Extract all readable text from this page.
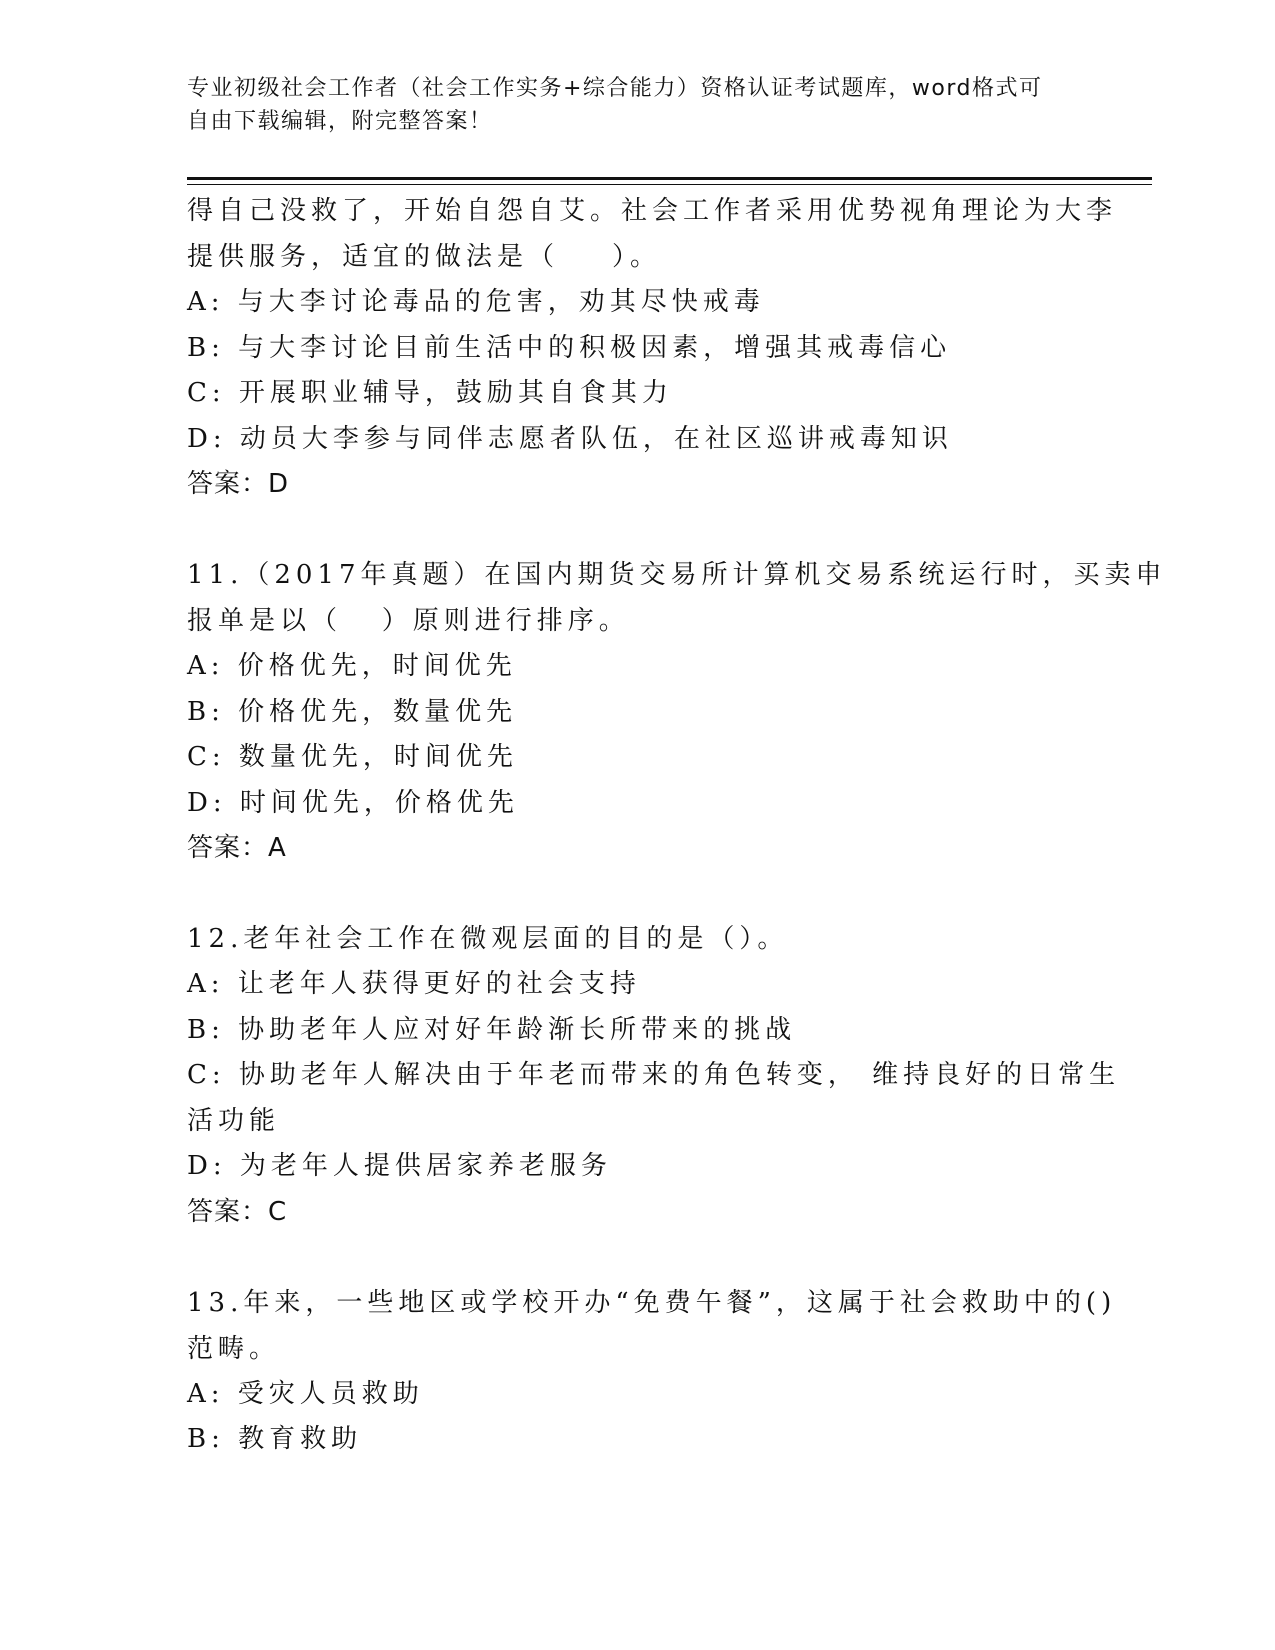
专业初级社会工作者（社会工作实务+综合能力）资格认证考试题库，word格式可
自由下载编辑，附完整答案！
得自己没救了，开始自怨自艾。社会工作者采用优势视角理论为大李
提供服务，适宜的做法是（    ）。
A: 与大李讨论毒品的危害，劝其尽快戒毒
B: 与大李讨论目前生活中的积极因素，增强其戒毒信心
C: 开展职业辅导，鼓励其自食其力
D: 动员大李参与同伴志愿者队伍，在社区巡讲戒毒知识
答案：D
11.（2017年真题）在国内期货交易所计算机交易系统运行时，买卖申
报单是以（   ）原则进行排序。
A: 价格优先，时间优先
B: 价格优先，数量优先
C: 数量优先，时间优先
D: 时间优先，价格优先
答案：A
12.老年社会工作在微观层面的目的是（）。
A: 让老年人获得更好的社会支持
B: 协助老年人应对好年龄渐长所带来的挑战
C: 协助老年人解决由于年老而带来的角色转变， 维持良好的日常生
活功能
D: 为老年人提供居家养老服务
答案：C
13.年来，一些地区或学校开办“免费午餐”，这属于社会救助中的()
范畴。
A: 受灾人员救助
B: 教育救助
